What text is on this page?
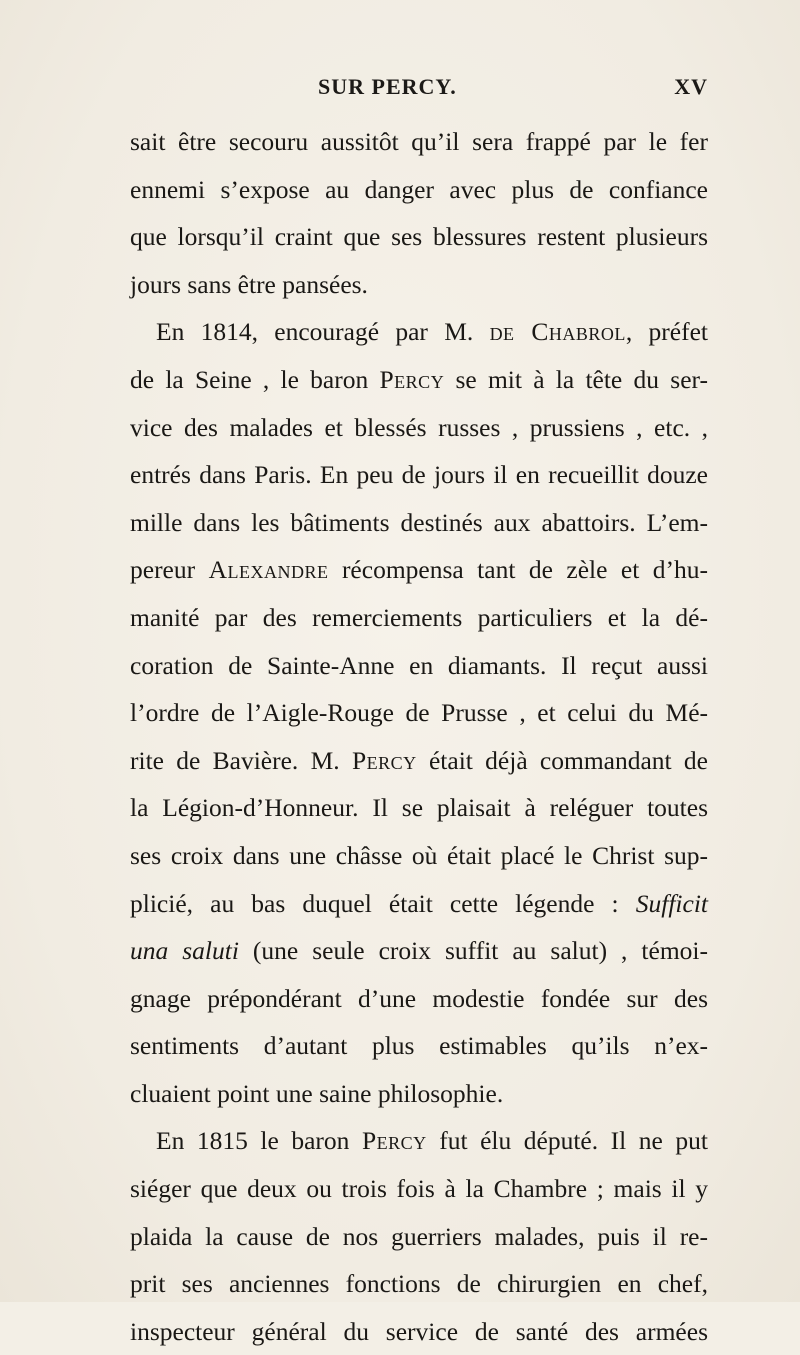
SUR PERCY.	XV
sait être secouru aussitôt qu’il sera frappé par le fer
ennemi s’expose au danger avec plus de confiance
que lorsqu’il craint que ses blessures restent plusieurs
jours sans être pansées.
En 1814, encouragé par M. de Chabrol, préfet
de la Seine , le baron Percy se mit à la tête du ser-
vice des malades et blessés russes , prussiens , etc. ,
entrés dans Paris. En peu de jours il en recueillit douze
mille dans les bâtiments destinés aux abattoirs. L’em-
pereur Alexandre récompensa tant de zèle et d’hu-
manité par des remerciements particuliers et la dé-
coration de Sainte-Anne en diamants. Il reçut aussi
l’ordre de l’Aigle-Rouge de Prusse , et celui du Mé-
rite de Bavière. M. Percy était déjà commandant de
la Légion-d’Honneur. Il se plaisait à reléguer toutes
ses croix dans une châsse où était placé le Christ sup-
plicié, au bas duquel était cette légende : Sufficit
una saluti (une seule croix suffit au salut) , témoi-
gnage prépondérant d’une modestie fondée sur des
sentiments d’autant plus estimables qu’ils n’ex-
cluaient point une saine philosophie.
En 1815 le baron Percy fut élu député. Il ne put
siéger que deux ou trois fois à la Chambre ; mais il y
plaida la cause de nos guerriers malades, puis il re-
prit ses anciennes fonctions de chirurgien en chef,
inspecteur général du service de santé des armées
